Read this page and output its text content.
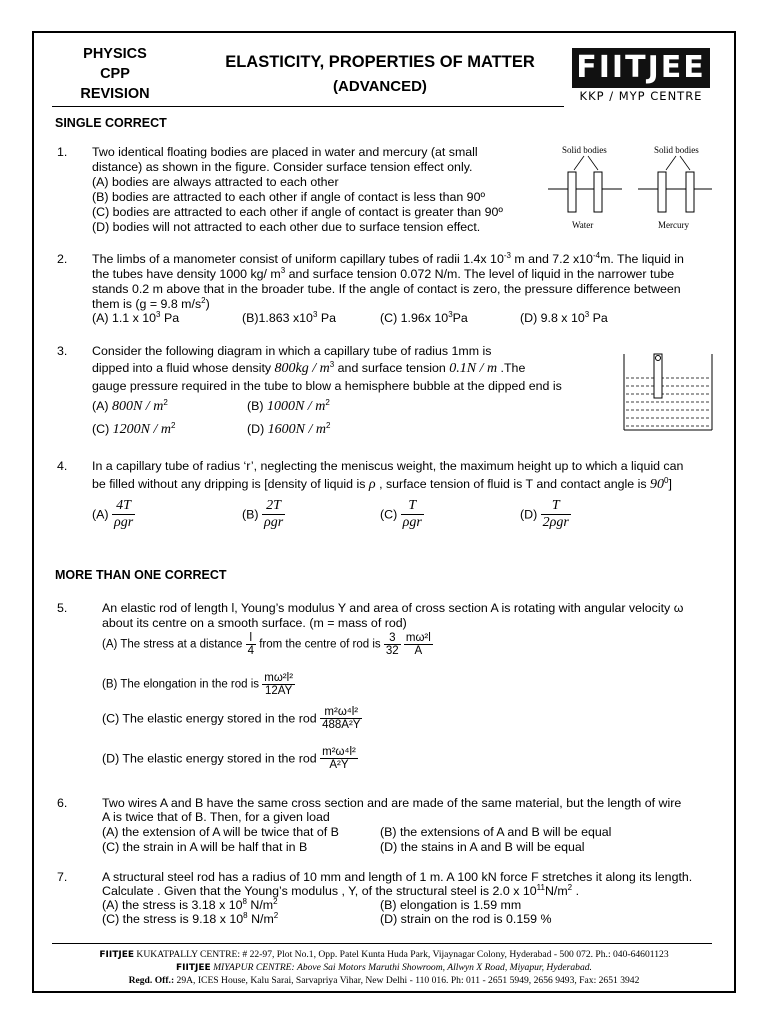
PHYSICS
CPP
REVISION
ELASTICITY, PROPERTIES OF MATTER
(ADVANCED)
FIITJEE
KKP / MYP CENTRE
SINGLE CORRECT
1. Two identical floating bodies are placed in water and mercury (at small
distance) as shown in the figure. Consider surface tension effect only.
(A) bodies are always attracted to each other
(B) bodies are attracted to each other if angle of contact is less than 90º
(C) bodies are attracted to each other if angle of contact is greater than 90º
(D) bodies will not attracted to each other due to surface tension effect.
Solid bodies	Solid bodies
Water	Mercury
2. The limbs of a manometer consist of uniform capillary tubes of radii 1.4x $10^{-3}$ m and 7.2 $x10^{-4}m$. The liquid in
the tubes have density 1000 kg/ $m^3$ and surface tension 0.072 N/m. The level of liquid in the narrower tube
stands 0.2 m above that in the broader tube. If the angle of contact is zero, the pressure difference between
them is (g = 9.8 $m/s^2$)
(A) 1.1 x $10^3$ Pa	(B)1.863 $x10^3$ Pa	(C) 1.96x $10^3Pa$	(D) 9.8 x $10^3$ Pa
3. Consider the following diagram in which a capillary tube of radius 1mm is
dipped into a fluid whose density $800kg / m^3$ and surface tension 0.1N / m .The
gauge pressure required in the tube to blow a hemisphere bubble at the dipped end is
(A) $800N / m^2$	(B) $1000N / m^2$
(C) $1200N / m^2$	(D) $1600N / m^2$
4. In a capillary tube of radius ‘r’, neglecting the meniscus weight, the maximum height up to which a liquid can
be filled without any dripping is [density of liquid is ρ , surface tension of fluid is T and contact angle is $90^0$]
$(A) \frac{4T}{\text{ρgr}}$	$(B) \frac{2T}{\text{ρgr}}$	$(C) \frac{T}{\text{ρgr}}$	$(D) \frac{T}{\text{2ρgr}}$
MORE THAN ONE CORRECT
5.	An elastic rod of length l, Young’s modulus Y and area of cross section A is rotating with angular velocity ω
about its centre on a smooth surface. (m = mass of rod)
(A) The stress at a distance $\frac{l}{4}$ from the centre of rod is $\frac{3}{32}$
$\frac{\text{mω²l}}{A}$
(B) The elongation in the rod is $\frac{\text{mω²l²}}{12AY}$
(C) The elastic energy stored in the rod $\frac{\text{m²ω⁴l²}}{\text{488A²Y}}$
(D) The elastic energy stored in the rod $\frac{\text{m²ω⁴l²}}{\text{A²Y}}$
6.	Two wires A and B have the same cross section and are made of the same material, but the length of wire
A is twice that of B. Then, for a given load
(A) the extension of A will be twice that of B	(B) the extensions of A and B will be equal
(C) the strain in A will be half that in B	(D) the stains in A and B will be equal
7.	A structural steel rod has a radius of 10 mm and length of 1 m. A 100 kN force F stretches it along its length.
Calculate . Given that the Young’s modulus , Y, of the structural steel is 2.0 x $10^{11}N/m^2$ .
(A) the stress is 3.18 x $10^8$ $N/m^2$	(B) elongation is 1.59 mm
(C) the stress is 9.18 x $10^8$ $N/m^2$	(D) strain on the rod is 0.159 %
FIITJEE KUKATPALLY CENTRE: # 22-97, Plot No.1, Opp. Patel Kunta Huda Park, Vijaynagar Colony, Hyderabad - 500 072. Ph.: 040-64601123
FIITJEE MIYAPUR CENTRE: Above Sai Motors Maruthi Showroom, Allwyn X Road, Miyapur, Hyderabad.
Regd. Off.: 29A, ICES House, Kalu Sarai, Sarvapriya Vihar, New Delhi - 110 016. Ph: 011 - 2651 5949, 2656 9493, Fax: 2651 3942
